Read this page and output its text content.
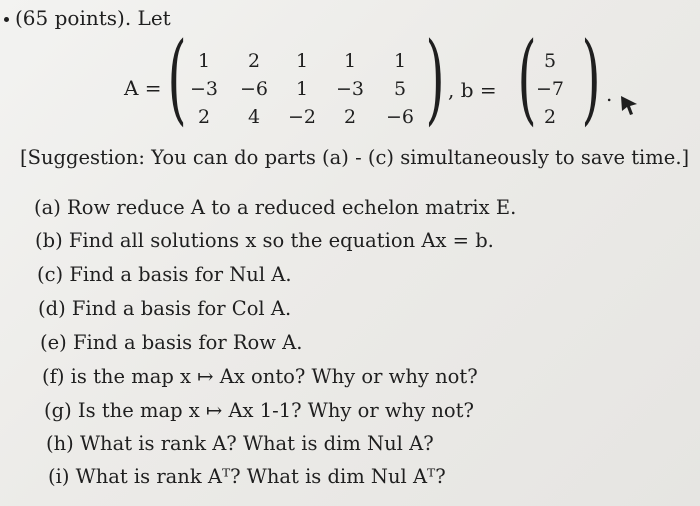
(65 points). Let
A = ( 1	2	1	1	1
−3	−6	1	−3	5
2	4	−2	2	−6 ) , b = ( 5
−7
2 ) .
[Suggestion: You can do parts (a) - (c) simultaneously to save time.]
(a) Row reduce A to a reduced echelon matrix E.
(b) Find all solutions x so the equation Ax = b.
(c) Find a basis for Nul A.
(d) Find a basis for Col A.
(e) Find a basis for Row A.
(f) is the map x ↦ Ax onto? Why or why not?
(g) Is the map x ↦ Ax 1-1? Why or why not?
(h) What is rank A? What is dim Nul A?
(i) What is rank Aᵀ? What is dim Nul Aᵀ?
